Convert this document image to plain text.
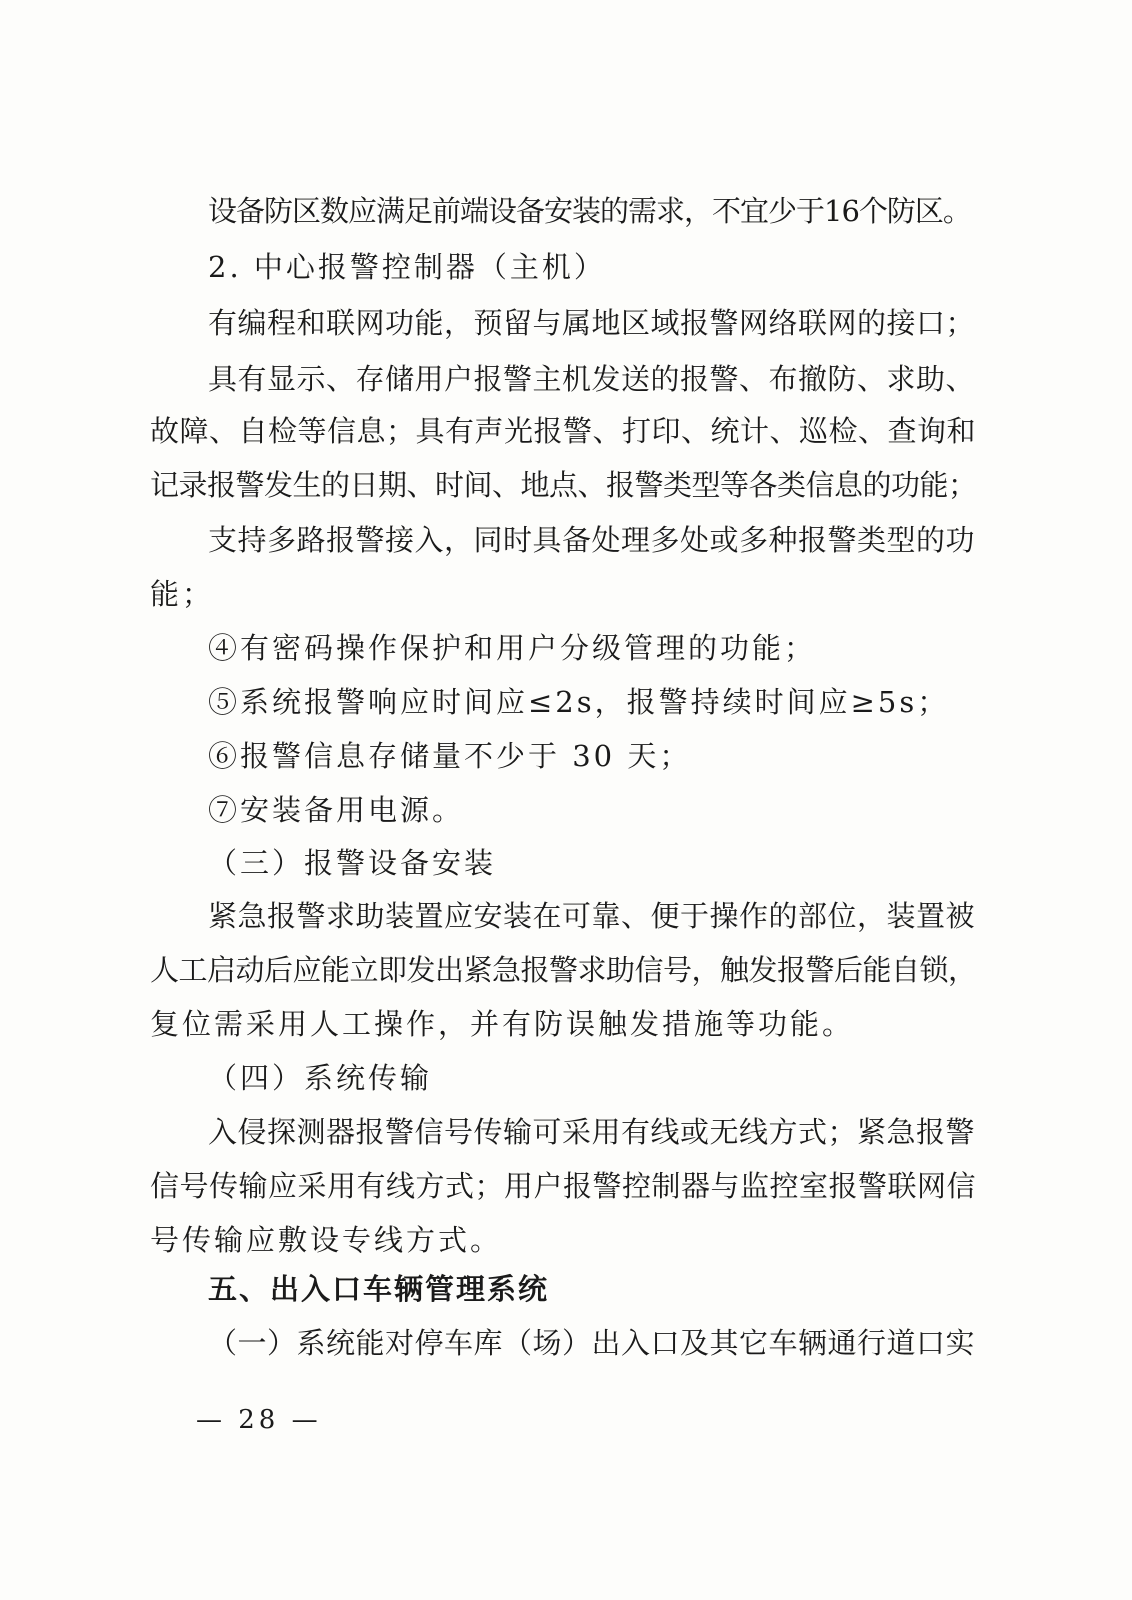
设备防区数应满足前端设备安装的需求，不宜少于16个防区。
2. 中心报警控制器（主机）
有编程和联网功能，预留与属地区域报警网络联网的接口；
具有显示、存储用户报警主机发送的报警、布撤防、求助、
故障、自检等信息；具有声光报警、打印、统计、巡检、查询和
记录报警发生的日期、时间、地点、报警类型等各类信息的功能；
支持多路报警接入，同时具备处理多处或多种报警类型的功
能；
④有密码操作保护和用户分级管理的功能；
⑤系统报警响应时间应≤2s，报警持续时间应≥5s；
⑥报警信息存储量不少于 30 天；
⑦安装备用电源。
（三）报警设备安装
紧急报警求助装置应安装在可靠、便于操作的部位，装置被
人工启动后应能立即发出紧急报警求助信号，触发报警后能自锁，
复位需采用人工操作，并有防误触发措施等功能。
（四）系统传输
入侵探测器报警信号传输可采用有线或无线方式；紧急报警
信号传输应采用有线方式；用户报警控制器与监控室报警联网信
号传输应敷设专线方式。
五、出入口车辆管理系统
（一）系统能对停车库（场）出入口及其它车辆通行道口实
— 28 —
